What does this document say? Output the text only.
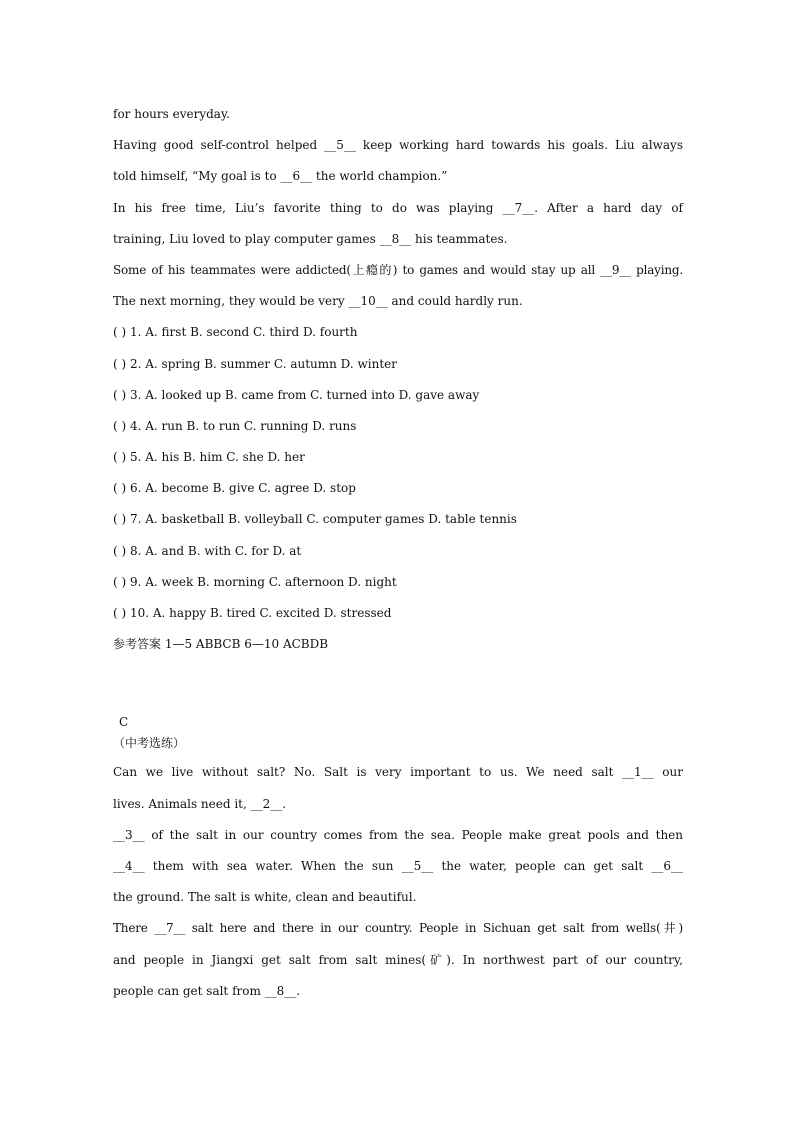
for hours everyday.
Having good self-control helped __5__ keep working hard towards his goals. Liu always
told himself, “My goal is to __6__ the world champion.”
In his free time, Liu’s favorite thing to do was playing __7__. After a hard day of
training, Liu loved to play computer games __8__ his teammates.
Some of his teammates were addicted(上瘾的) to games and would stay up all __9__ playing.
The next morning, they would be very __10__ and could hardly run.
( ) 1. A. first B. second C. third D. fourth
( ) 2. A. spring B. summer C. autumn D. winter
( ) 3. A. looked up B. came from C. turned into D. gave away
( ) 4. A. run B. to run C. running D. runs
( ) 5. A. his B. him C. she D. her
( ) 6. A. become B. give C. agree D. stop
( ) 7. A. basketball B. volleyball C. computer games D. table tennis
( ) 8. A. and B. with C. for D. at
( ) 9. A. week B. morning C. afternoon D. night
( ) 10. A. happy B. tired C. excited D. stressed
参考答案 1—5 ABBCB 6—10 ACBDB
C
（中考选练）
Can we live without salt? No. Salt is very important to us. We need salt __1__ our
lives. Animals need it, __2__.
__3__ of the salt in our country comes from the sea. People make great pools and then
__4__ them with sea water. When the sun __5__ the water, people can get salt __6__
the ground. The salt is white, clean and beautiful.
There __7__ salt here and there in our country. People in Sichuan get salt from wells(井)
and people in Jiangxi get salt from salt mines(矿). In northwest part of our country,
people can get salt from __8__.
